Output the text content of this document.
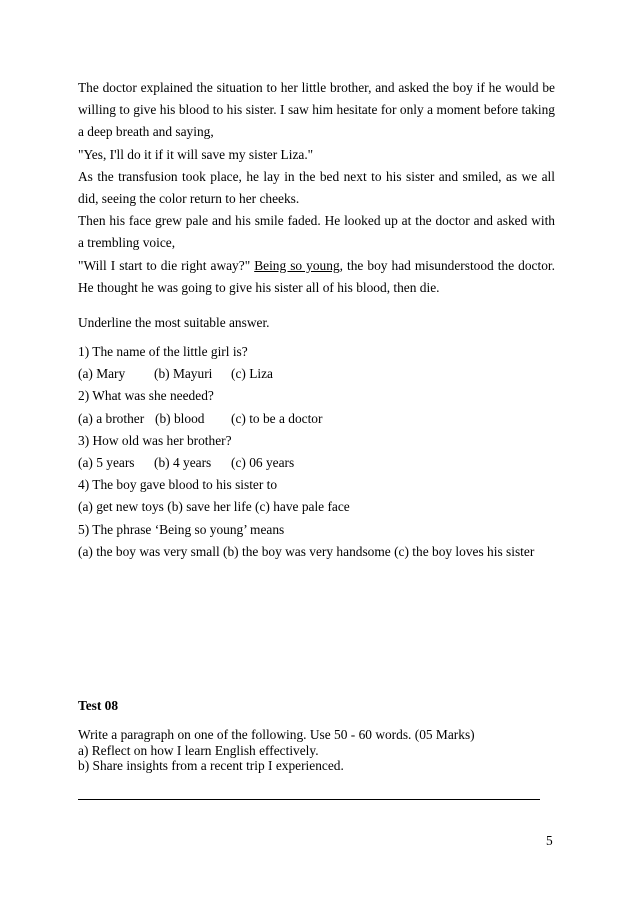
The doctor explained the situation to her little brother, and asked the boy if he would be willing to give his blood to his sister. I saw him hesitate for only a moment before taking a deep breath and saying,

"Yes, I'll do it if it will save my sister Liza."

As the transfusion took place, he lay in the bed next to his sister and smiled, as we all did, seeing the color return to her cheeks.

Then his face grew pale and his smile faded. He looked up at the doctor and asked with a trembling voice,

"Will I start to die right away?" Being so young, the boy had misunderstood the doctor. He thought he was going to give his sister all of his blood, then die.

Underline the most suitable answer.
1) The name of the little girl is?
(a) Mary (b) Mayuri (c) Liza
2) What was she needed?
(a) a brother (b) blood (c) to be a doctor
3) How old was her brother?
(a) 5 years (b) 4 years (c) 06 years
4) The boy gave blood to his sister to
(a) get new toys (b) save her life (c) have pale face
5) The phrase ‘Being so young’ means
(a) the boy was very small (b) the boy was very handsome (c) the boy loves his sister
Test 08
Write a paragraph on one of the following. Use 50 - 60 words. (05 Marks)
a) Reflect on how I learn English effectively.
b) Share insights from a recent trip I experienced.
5
